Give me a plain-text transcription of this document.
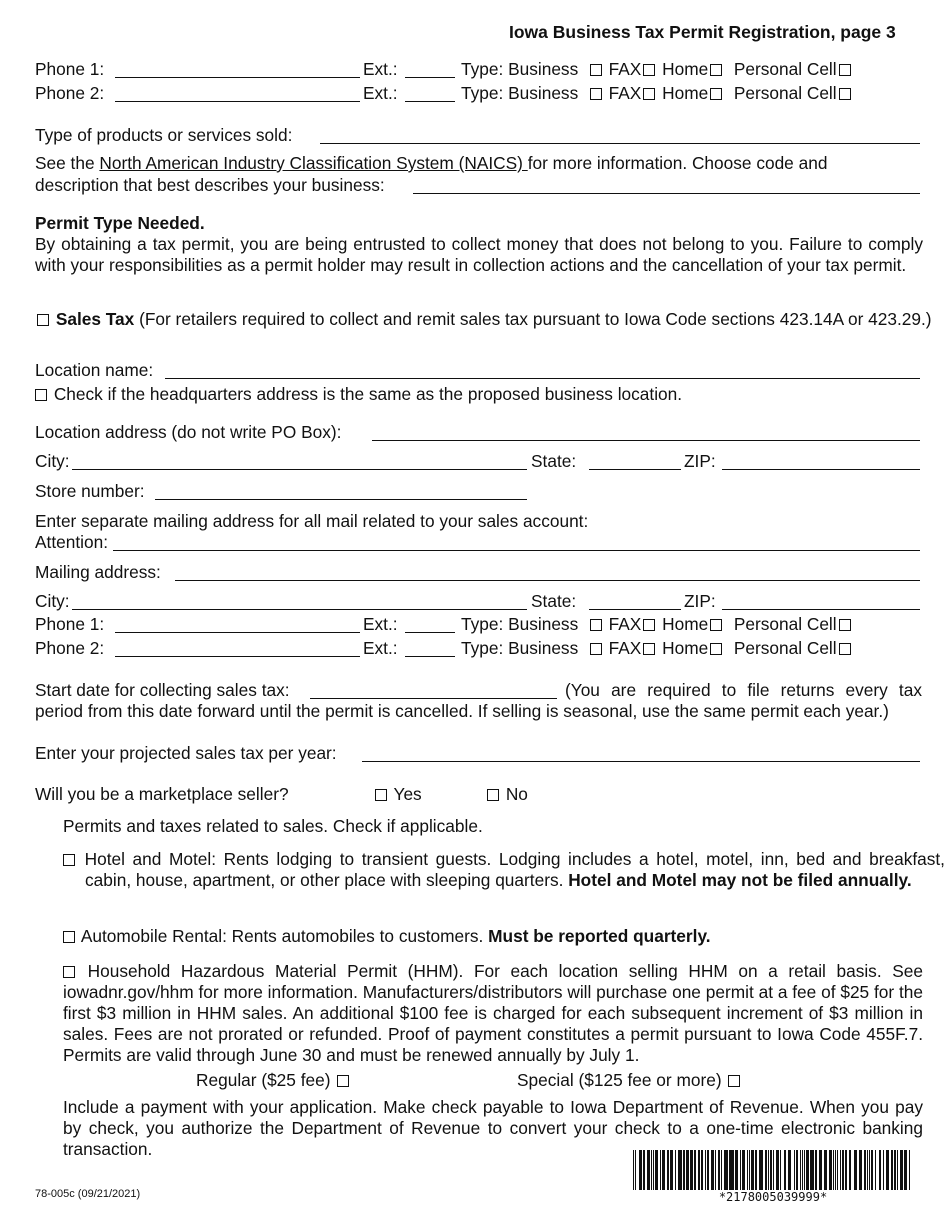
Iowa Business Tax Permit Registration, page 3
Phone 1:	Ext.:	Type: Business FAX Home Personal Cell
Phone 2:	Ext.:	Type: Business FAX Home Personal Cell
Type of products or services sold:
See the North American Industry Classification System (NAICS) for more information. Choose code and
description that best describes your business:
Permit Type Needed.
By obtaining a tax permit, you are being entrusted to collect money that does not belong to you. Failure to comply with your responsibilities as a permit holder may result in collection actions and the cancellation of your tax permit.
Sales Tax (For retailers required to collect and remit sales tax pursuant to Iowa Code sections 423.14A or 423.29.)
Location name:
Check if the headquarters address is the same as the proposed business location.
Location address (do not write PO Box):
City:	State:	ZIP:
Store number:
Enter separate mailing address for all mail related to your sales account:
Attention:
Mailing address:
City:	State:	ZIP:
Phone 1:	Ext.:	Type: Business FAX Home Personal Cell
Phone 2:	Ext.:	Type: Business FAX Home Personal Cell
Start date for collecting sales tax:	(You are required to file returns every tax
period from this date forward until the permit is cancelled. If selling is seasonal, use the same permit each year.)
Enter your projected sales tax per year:
Will you be a marketplace seller?	Yes	No
Permits and taxes related to sales. Check if applicable.
Hotel and Motel: Rents lodging to transient guests. Lodging includes a hotel, motel, inn, bed and breakfast, cabin, house, apartment, or other place with sleeping quarters. Hotel and Motel may not be filed annually.
Automobile Rental: Rents automobiles to customers. Must be reported quarterly.
Household Hazardous Material Permit (HHM). For each location selling HHM on a retail basis. See iowadnr.gov/hhm for more information. Manufacturers/distributors will purchase one permit at a fee of $25 for the first $3 million in HHM sales. An additional $100 fee is charged for each subsequent increment of $3 million in sales. Fees are not prorated or refunded. Proof of payment constitutes a permit pursuant to Iowa Code 455F.7. Permits are valid through June 30 and must be renewed annually by July 1.
Regular ($25 fee)	Special ($125 fee or more)
Include a payment with your application. Make check payable to Iowa Department of Revenue. When you pay by check, you authorize the Department of Revenue to convert your check to a one-time electronic banking transaction.
78-005c (09/21/2021)	*2178005039999*
